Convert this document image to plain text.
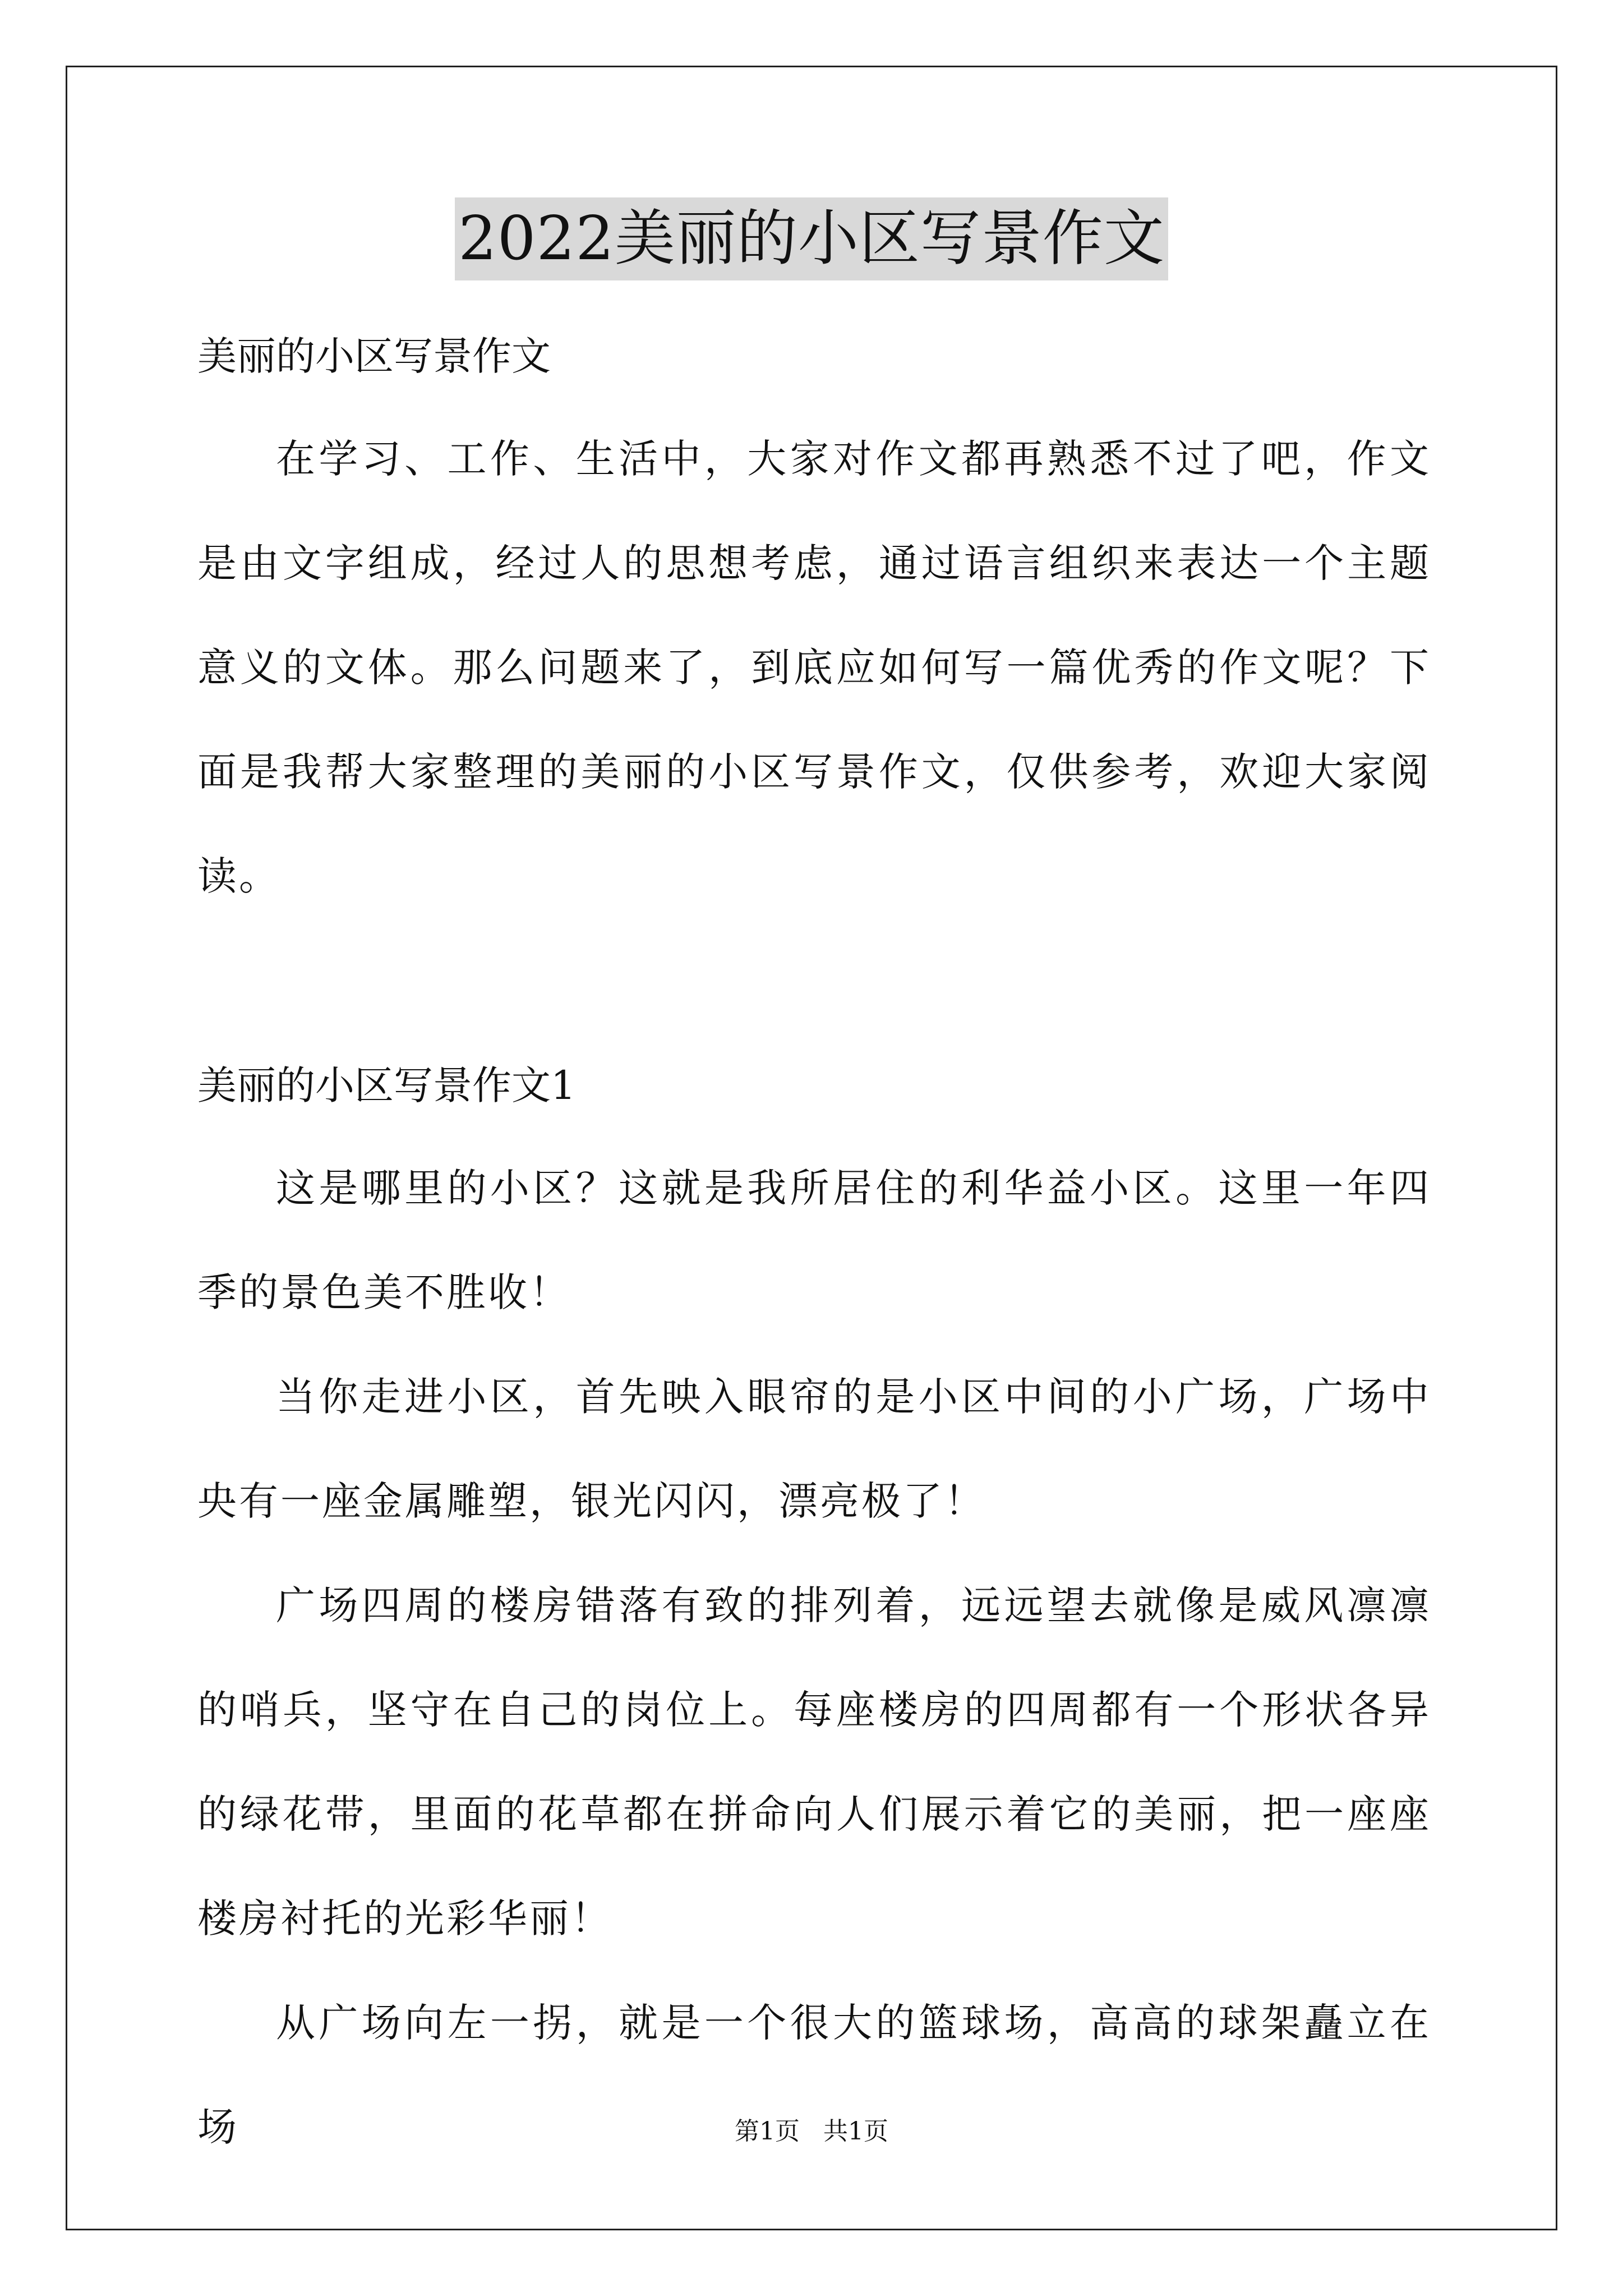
2022美丽的小区写景作文

美丽的小区写景作文

在学习、工作、生活中，大家对作文都再熟悉不过了吧，作文是由文字组成，经过人的思想考虑，通过语言组织来表达一个主题意义的文体。那么问题来了，到底应如何写一篇优秀的作文呢？下面是我帮大家整理的美丽的小区写景作文，仅供参考，欢迎大家阅读。

美丽的小区写景作文1

这是哪里的小区？这就是我所居住的利华益小区。这里一年四季的景色美不胜收！

当你走进小区，首先映入眼帘的是小区中间的小广场，广场中央有一座金属雕塑，银光闪闪，漂亮极了！

广场四周的楼房错落有致的排列着，远远望去就像是威风凛凛的哨兵，坚守在自己的岗位上。每座楼房的四周都有一个形状各异的绿花带，里面的花草都在拼命向人们展示着它的美丽，把一座座楼房衬托的光彩华丽！

从广场向左一拐，就是一个很大的篮球场，高高的球架矗立在场	第1页   共1页
